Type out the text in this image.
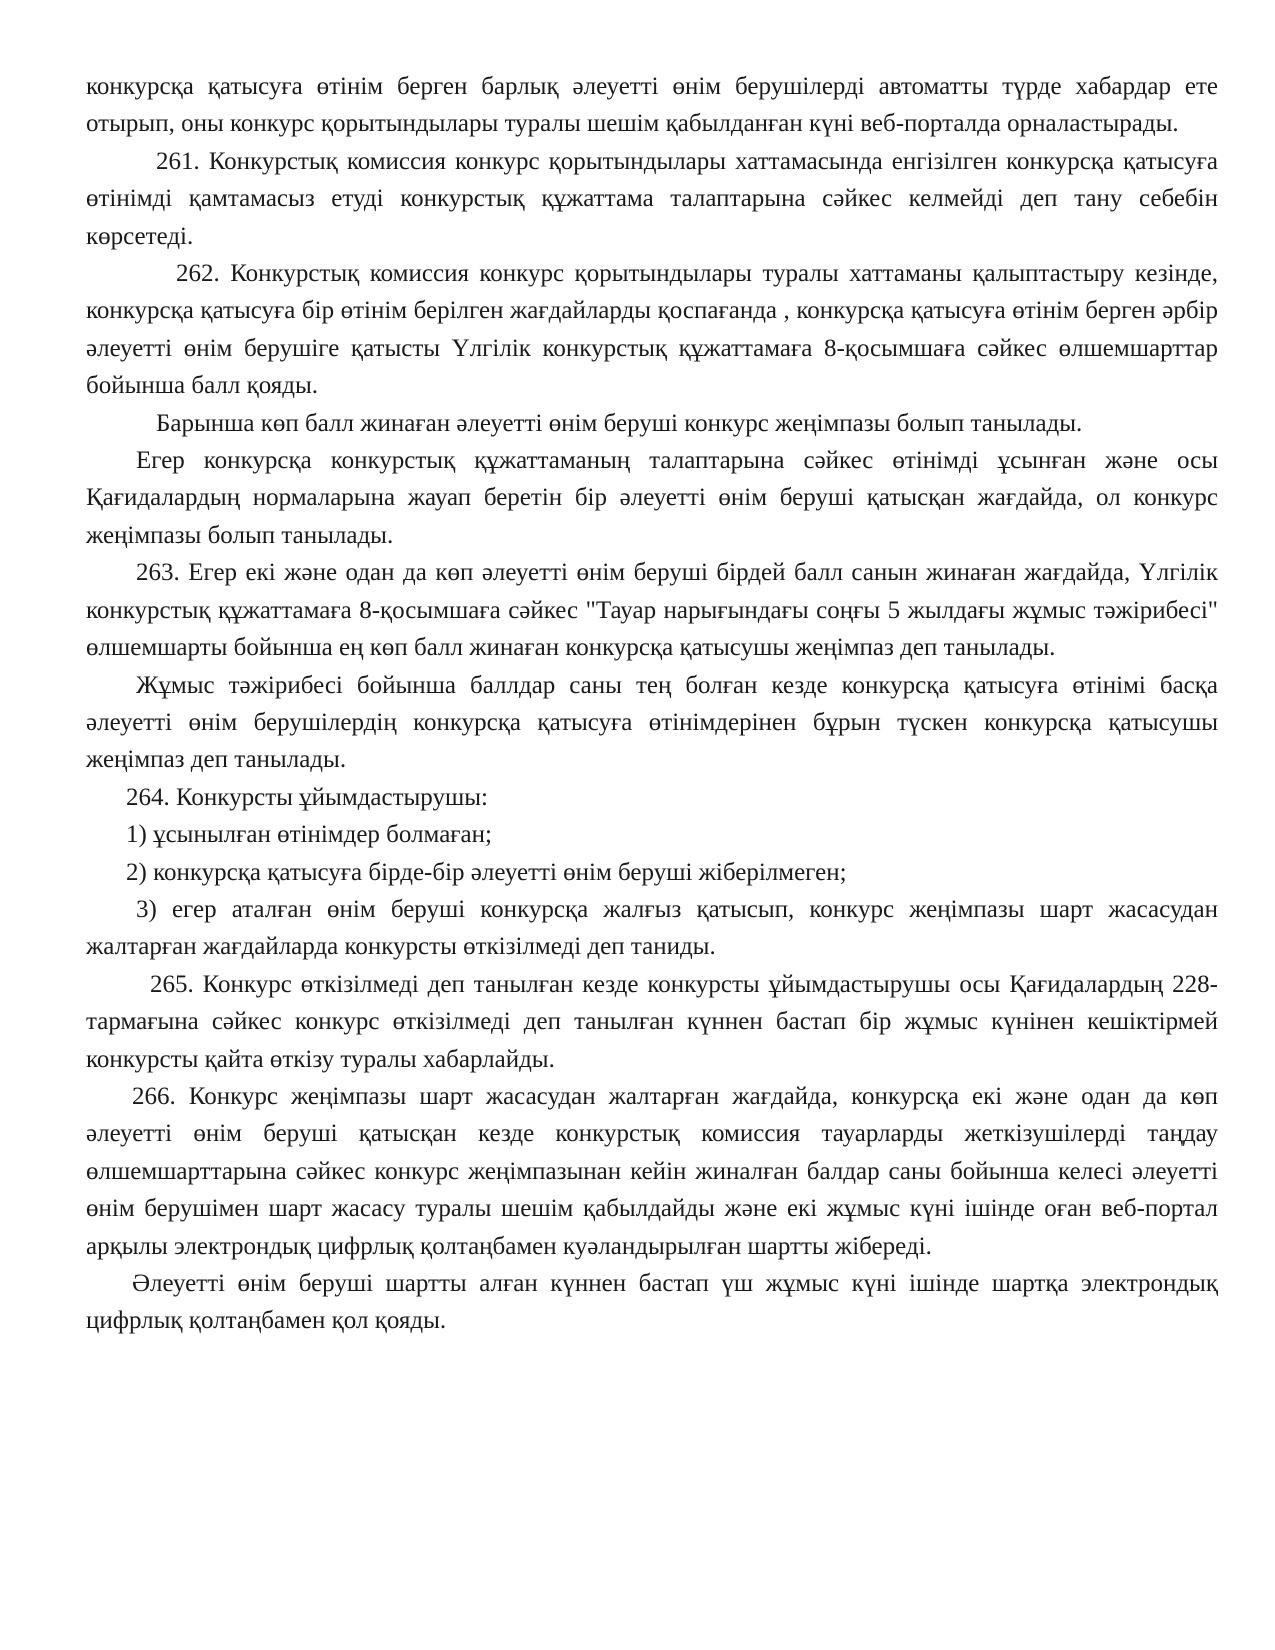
конкурсқа қатысуға өтінім берген барлық әлеуетті өнім берушілерді автоматты түрде хабардар ете отырып, оны конкурс қорытындылары туралы шешім қабылданған күні веб-порталда орналастырады.

261. Конкурстық комиссия конкурс қорытындылары хаттамасында енгізілген конкурсқа қатысуға өтінімді қамтамасыз етуді конкурстық құжаттама талаптарына сәйкес келмейді деп тану себебін көрсетеді.

262. Конкурстық комиссия конкурс қорытындылары туралы хаттаманы қалыптастыру кезінде, конкурсқа қатысуға бір өтінім берілген жағдайларды қоспағанда , конкурсқа қатысуға өтінім берген әрбір әлеуетті өнім берушіге қатысты Үлгілік конкурстық құжаттамаға 8-қосымшаға сәйкес өлшемшарттар бойынша балл қояды.

Барынша көп балл жинаған әлеуетті өнім беруші конкурс жеңімпазы болып танылады.

Егер конкурсқа конкурстық құжаттаманың талаптарына сәйкес өтінімді ұсынған және осы Қағидалардың нормаларына жауап беретін бір әлеуетті өнім беруші қатысқан жағдайда, ол конкурс жеңімпазы болып танылады.

263. Егер екі және одан да көп әлеуетті өнім беруші бірдей балл санын жинаған жағдайда, Үлгілік конкурстық құжаттамаға 8-қосымшаға сәйкес "Тауар нарығындағы соңғы 5 жылдағы жұмыс тәжірибесі" өлшемшарты бойынша ең көп балл жинаған конкурсқа қатысушы жеңімпаз деп танылады.

Жұмыс тәжірибесі бойынша баллдар саны тең болған кезде конкурсқа қатысуға өтінімі басқа әлеуетті өнім берушілердің конкурсқа қатысуға өтінімдерінен бұрын түскен конкурсқа қатысушы жеңімпаз деп танылады.

264. Конкурсты ұйымдастырушы:

1) ұсынылған өтінімдер болмаған;

2) конкурсқа қатысуға бірде-бір әлеуетті өнім беруші жіберілмеген;

3) егер аталған өнім беруші конкурсқа жалғыз қатысып, конкурс жеңімпазы шарт жасасудан жалтарған жағдайларда конкурсты өткізілмеді деп таниды.

265. Конкурс өткізілмеді деп танылған кезде конкурсты ұйымдастырушы осы Қағидалардың 228-тармағына сәйкес конкурс өткізілмеді деп танылған күннен бастап бір жұмыс күнінен кешіктірмей конкурсты қайта өткізу туралы хабарлайды.

266. Конкурс жеңімпазы шарт жасасудан жалтарған жағдайда, конкурсқа екі және одан да көп әлеуетті өнім беруші қатысқан кезде конкурстық комиссия тауарларды жеткізушілерді таңдау өлшемшарттарына сәйкес конкурс жеңімпазынан кейін жиналған балдар саны бойынша келесі әлеуетті өнім берушімен шарт жасасу туралы шешім қабылдайды және екі жұмыс күні ішінде оған веб-портал арқылы электрондық цифрлық қолтаңбамен куәландырылған шартты жібереді.

Әлеуетті өнім беруші шартты алған күннен бастап үш жұмыс күні ішінде шартқа электрондық цифрлық қолтаңбамен қол қояды.
